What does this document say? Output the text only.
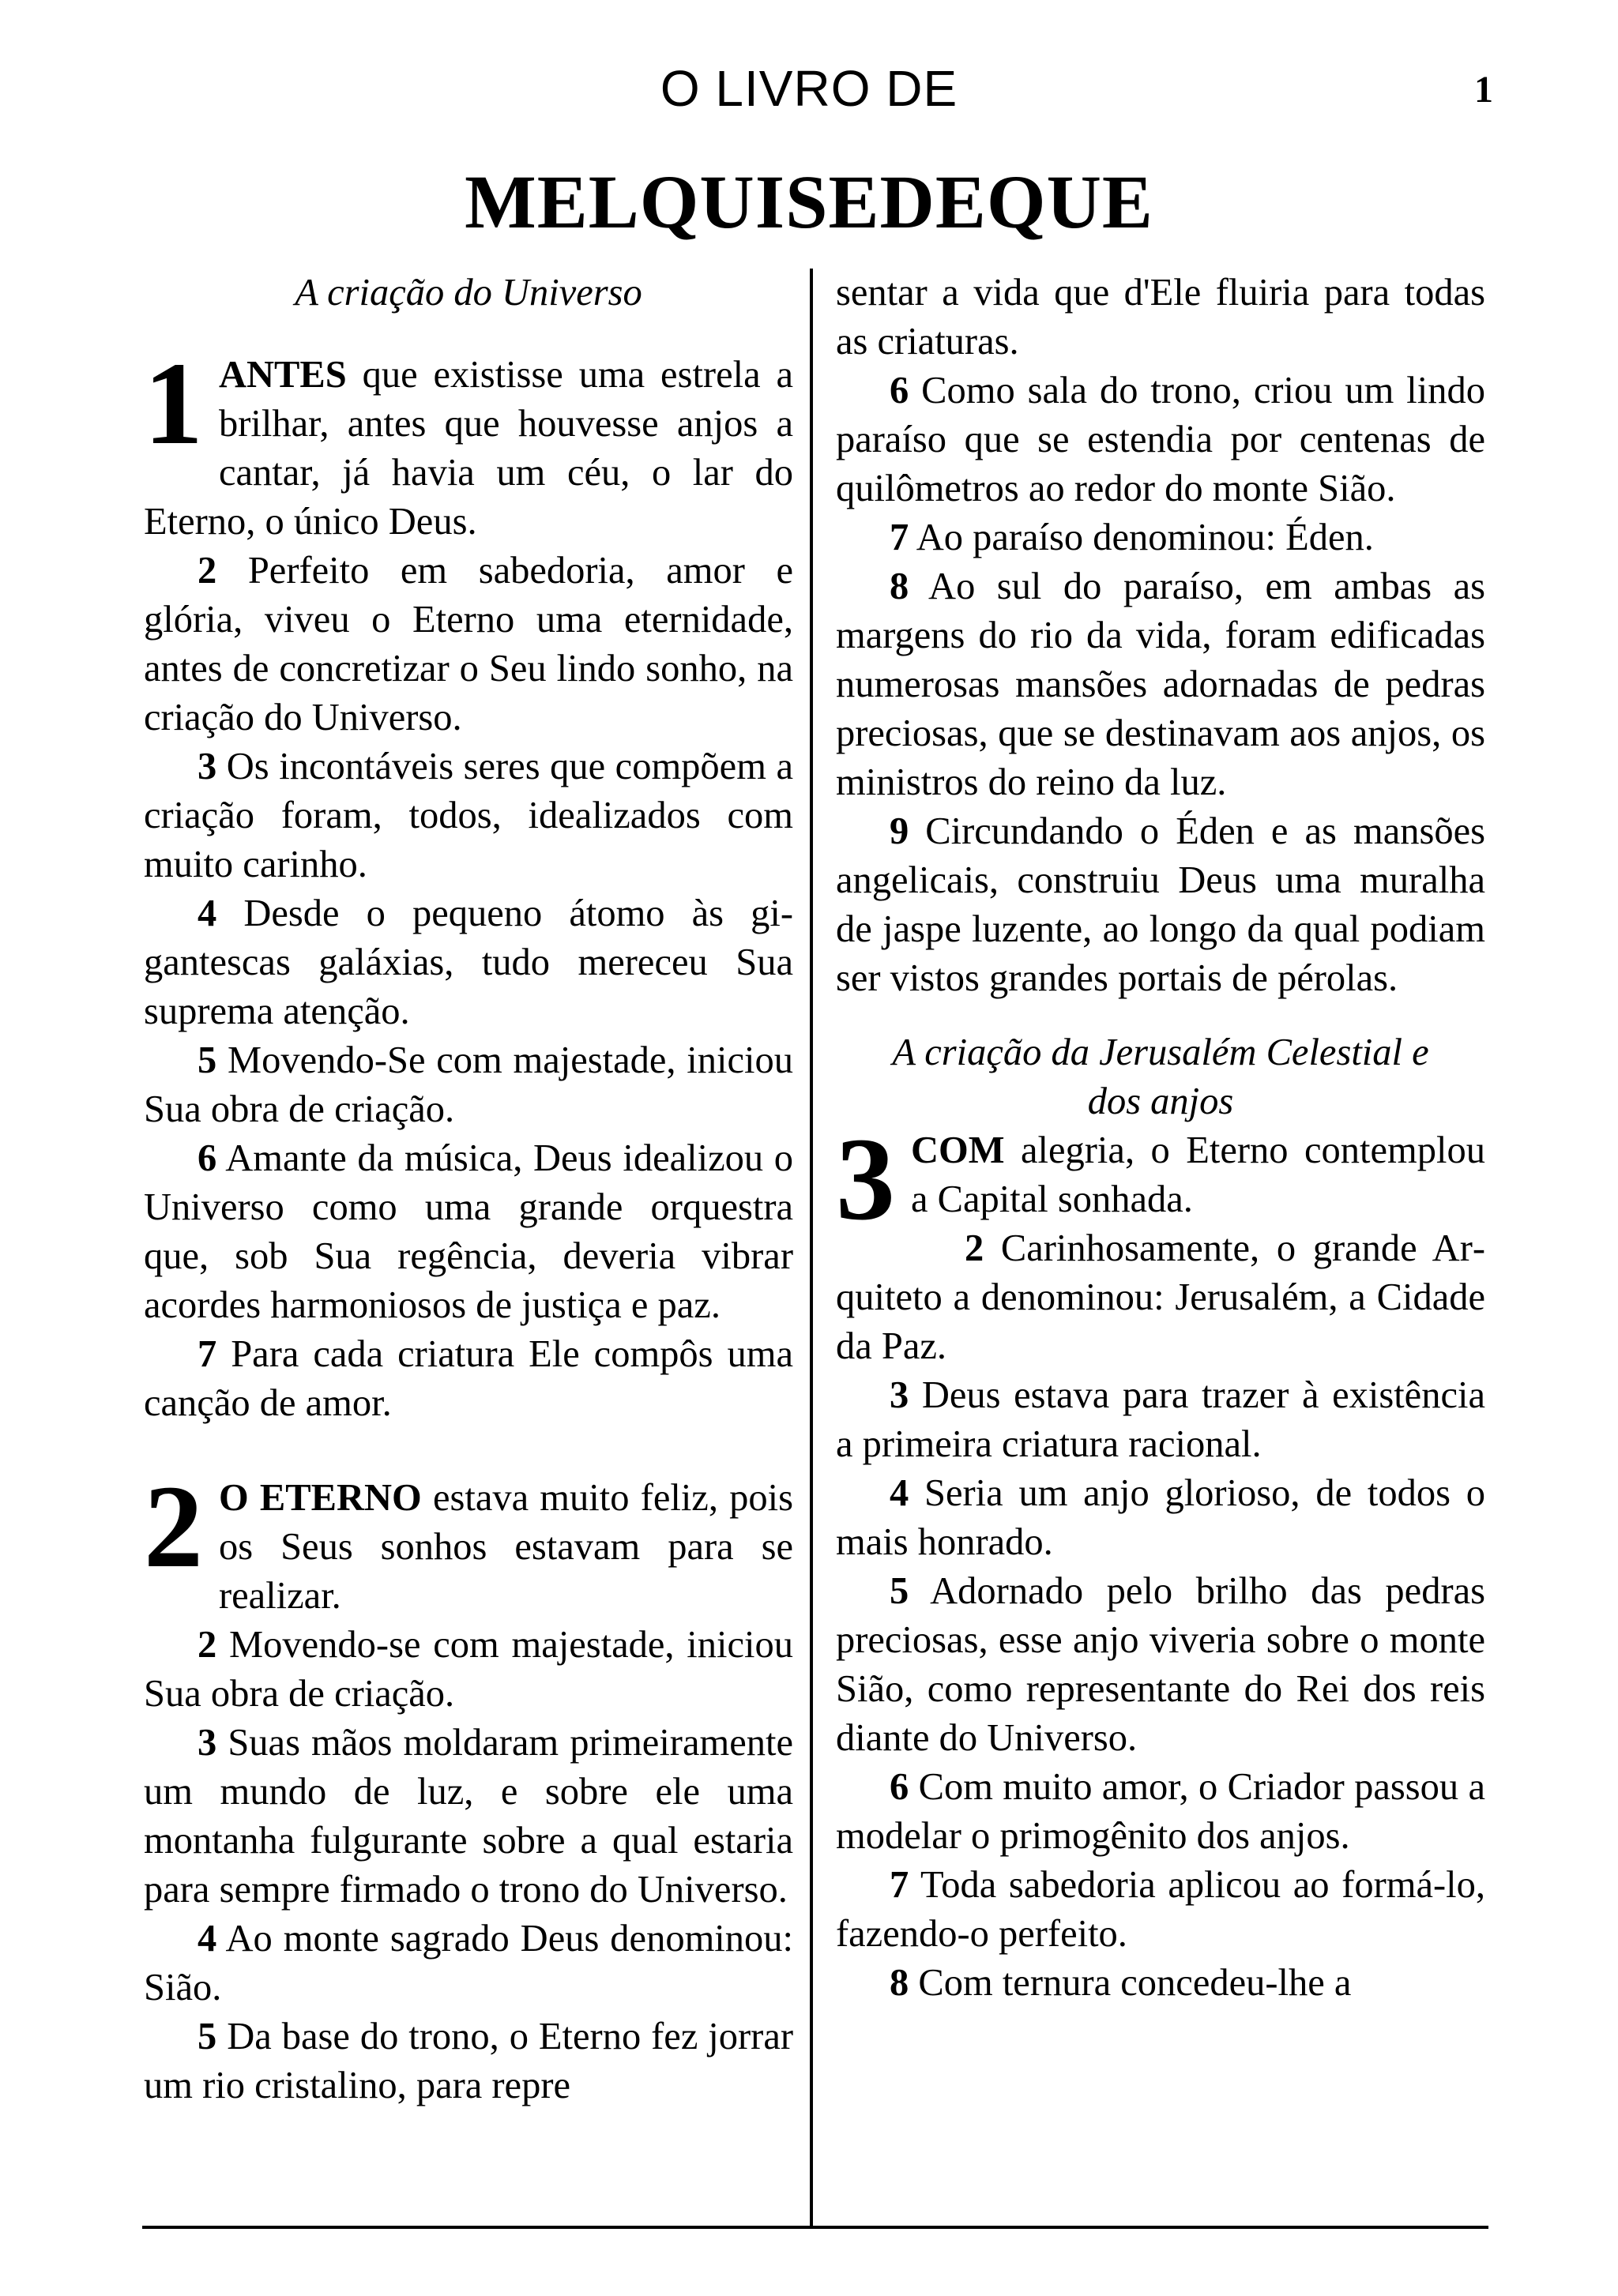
O LIVRO DE	1
MELQUISEDEQUE

A criação do Universo

1 ANTES que existisse uma estrela a brilhar, antes que houvesse anjos a cantar, já havia um céu, o lar do Eterno, o único Deus.

2 Perfeito em sabedoria, amor e glória, viveu o Eterno uma eternidade, antes de concretizar o Seu lindo sonho, na criação do Universo.

3 Os incontáveis seres que compõem a criação foram, todos, idealizados com muito carinho.

4 Desde o pequeno átomo às gigantescas galáxias, tudo mereceu Sua suprema atenção.

5 Movendo-Se com majestade, iniciou Sua obra de criação.

6 Amante da música, Deus idealizou o Universo como uma grande orquestra que, sob Sua regência, deveria vibrar acordes harmoniosos de justiça e paz.

7 Para cada criatura Ele compôs uma canção de amor.

2 O ETERNO estava muito feliz, pois os Seus sonhos estavam para se realizar.

2 Movendo-se com majestade, iniciou Sua obra de criação.

3 Suas mãos moldaram primeiramente um mundo de luz, e sobre ele uma montanha fulgurante sobre a qual estaria para sempre firmado o trono do Universo.

4 Ao monte sagrado Deus denominou: Sião.

5 Da base do trono, o Eterno fez jorrar um rio cristalino, para repre

sentar a vida que d'Ele fluiria para todas as criaturas.

6 Como sala do trono, criou um lindo paraíso que se estendia por centenas de quilômetros ao redor do monte Sião.

7 Ao paraíso denominou: Éden.

8 Ao sul do paraíso, em ambas as margens do rio da vida, foram edificadas numerosas mansões adornadas de pedras preciosas, que se destinavam aos anjos, os ministros do reino da luz.

9 Circundando o Éden e as mansões angelicais, construiu Deus uma muralha de jaspe luzente, ao longo da qual podiam ser vistos grandes portais de pérolas.

A criação da Jerusalém Celestial e

dos anjos

3 COM alegria, o Eterno contemplou a Capital sonhada.

2 Carinhosamente, o grande Arquiteto a denominou: Jerusalém, a Cidade da Paz.

3 Deus estava para trazer à existência a primeira criatura racional.

4 Seria um anjo glorioso, de todos o mais honrado.

5 Adornado pelo brilho das pedras preciosas, esse anjo viveria sobre o monte Sião, como representante do Rei dos reis diante do Universo.

6 Com muito amor, o Criador passou a modelar o primogênito dos anjos.

7 Toda sabedoria aplicou ao formá-lo, fazendo-o perfeito.

8 Com ternura concedeu-lhe a
